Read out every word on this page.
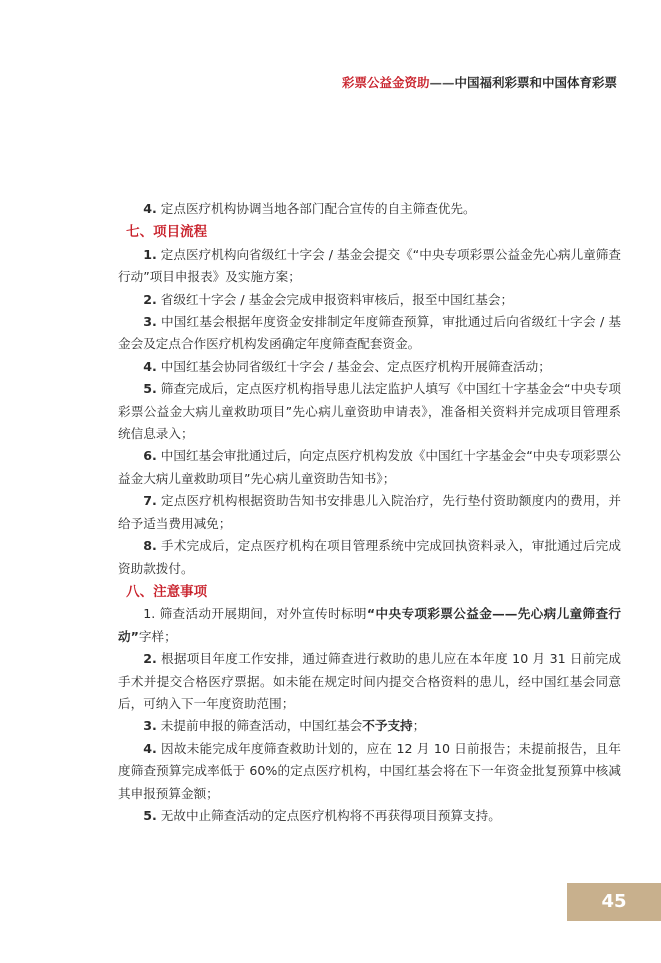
彩票公益金资助——中国福利彩票和中国体育彩票
4. 定点医疗机构协调当地各部门配合宣传的自主筛查优先。
七、项目流程
1. 定点医疗机构向省级红十字会 / 基金会提交《“中央专项彩票公益金先心病儿童筛查行动”项目申报表》及实施方案；
2. 省级红十字会 / 基金会完成申报资料审核后，报至中国红基会；
3. 中国红基会根据年度资金安排制定年度筛查预算，审批通过后向省级红十字会 / 基金会及定点合作医疗机构发函确定年度筛查配套资金。
4. 中国红基会协同省级红十字会 / 基金会、定点医疗机构开展筛查活动；
5. 筛查完成后，定点医疗机构指导患儿法定监护人填写《中国红十字基金会“中央专项彩票公益金大病儿童救助项目”先心病儿童资助申请表》，准备相关资料并完成项目管理系统信息录入；
6. 中国红基会审批通过后，向定点医疗机构发放《中国红十字基金会“中央专项彩票公益金大病儿童救助项目”先心病儿童资助告知书》；
7. 定点医疗机构根据资助告知书安排患儿入院治疗，先行垫付资助额度内的费用，并给予适当费用减免；
8. 手术完成后，定点医疗机构在项目管理系统中完成回执资料录入，审批通过后完成资助款拨付。
八、注意事项
1. 筛查活动开展期间，对外宣传时标明“中央专项彩票公益金——先心病儿童筛查行动”字样；
2. 根据项目年度工作安排，通过筛查进行救助的患儿应在本年度 10 月 31 日前完成手术并提交合格医疗票据。如未能在规定时间内提交合格资料的患儿，经中国红基会同意后，可纳入下一年度资助范围；
3. 未提前申报的筛查活动，中国红基会不予支持；
4. 因故未能完成年度筛查救助计划的，应在 12 月 10 日前报告；未提前报告，且年度筛查预算完成率低于 60%的定点医疗机构，中国红基会将在下一年资金批复预算中核减其申报预算金额；
5. 无故中止筛查活动的定点医疗机构将不再获得项目预算支持。
45
